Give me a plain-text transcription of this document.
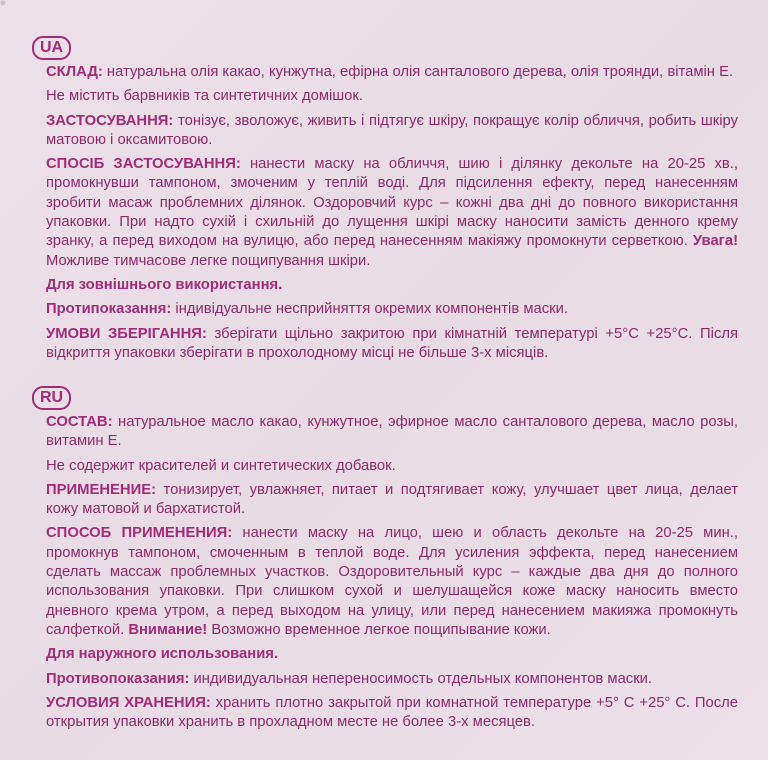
UA

СКЛАД: натуральна олія какао, кунжутна, ефірна олія санталового дерева, олія троянди, вітамін Е.

Не містить барвників та синтетичних домішок.

ЗАСТОСУВАННЯ: тонізує, зволожує, живить і підтягує шкіру, покращує колір обличчя, робить шкіру матовою і оксамитовою.

СПОСІБ ЗАСТОСУВАННЯ: нанести маску на обличчя, шию і ділянку декольте на 20-25 хв., промокнувши тампоном, змоченим у теплій воді. Для підсилення ефекту, перед нанесенням зробити масаж проблемних ділянок. Оздоровчий курс – кожні два дні до повного використання упаковки. При надто сухій і схильній до лущення шкірі маску наносити замість денного крему зранку, а перед виходом на вулицю, або перед нанесенням макіяжу промокнути серветкою. Увага! Можливе тимчасове легке пощипування шкіри.

Для зовнішнього використання.

Протипоказання: індивідуальне несприйняття окремих компонентів маски.

УМОВИ ЗБЕРІГАННЯ: зберігати щільно закритою при кімнатній температурі +5°С +25°С. Після відкриття упаковки зберігати в прохолодному місці не більше 3-х місяців.

RU

СОСТАВ: натуральное масло какао, кунжутное, эфирное масло санталового дерева, масло розы, витамин Е.

Не содержит красителей и синтетических добавок.

ПРИМЕНЕНИЕ: тонизирует, увлажняет, питает и подтягивает кожу, улучшает цвет лица, делает кожу матовой и бархатистой.

СПОСОБ ПРИМЕНЕНИЯ: нанести маску на лицо, шею и область декольте на 20-25 мин., промокнув тампоном, смоченным в теплой воде. Для усиления эффекта, перед нанесением сделать массаж проблемных участков. Оздоровительный курс – каждые два дня до полного использования упаковки. При слишком сухой и шелушащейся коже маску наносить вместо дневного крема утром, а перед выходом на улицу, или перед нанесением макияжа промокнуть салфеткой. Внимание! Возможно временное легкое пощипывание кожи.

Для наружного использования.

Противопоказания: индивидуальная непереносимость отдельных компонентов маски.

УСЛОВИЯ ХРАНЕНИЯ: хранить плотно закрытой при комнатной температуре +5° С +25° С. После открытия упаковки хранить в прохладном месте не более 3-х месяцев.
